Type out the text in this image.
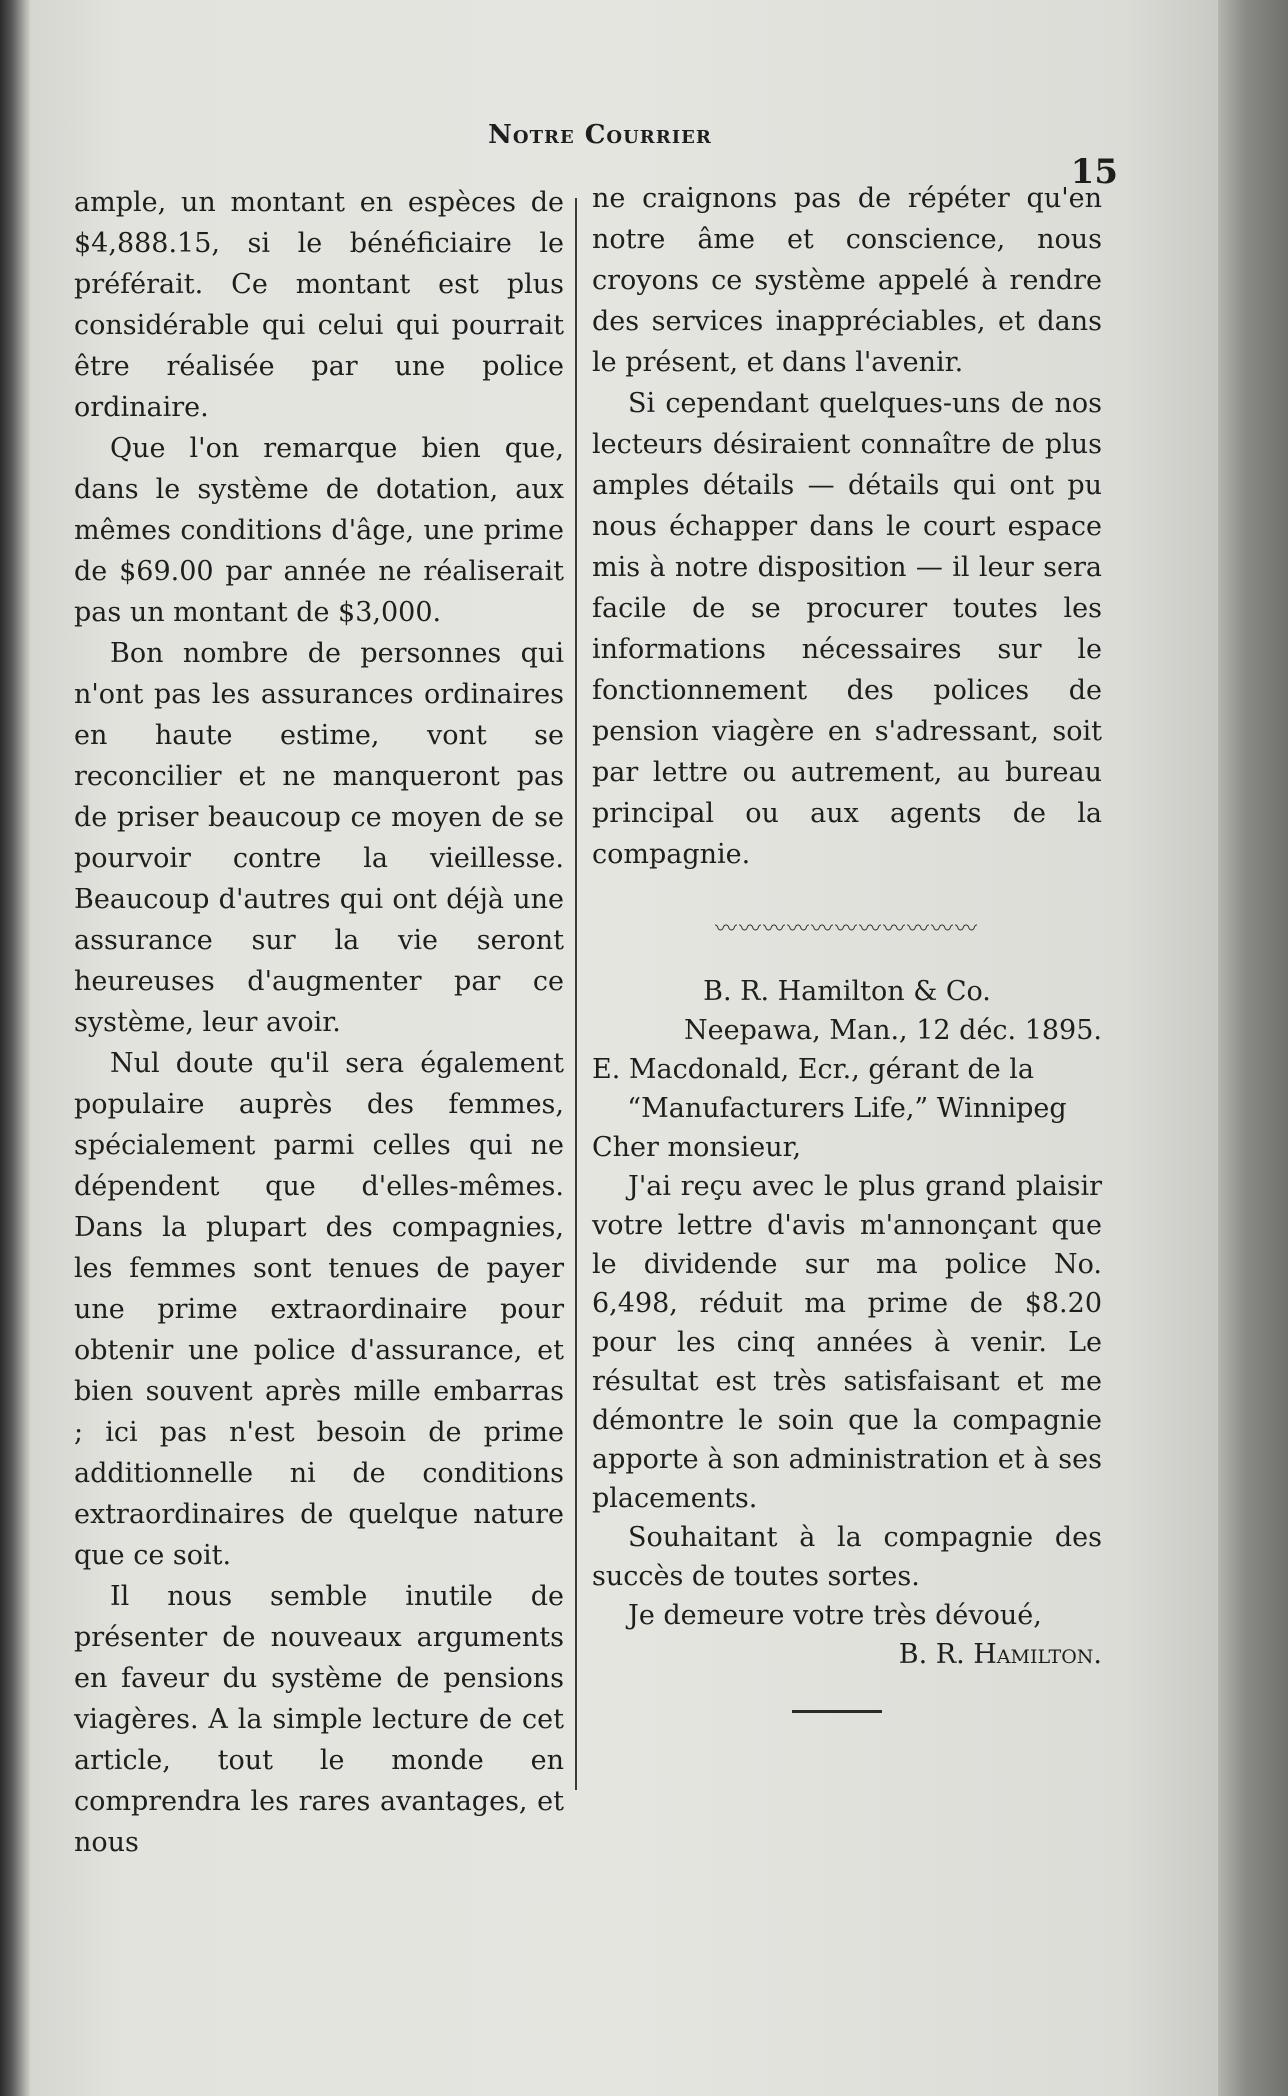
Notre Courrier
15

ample, un montant en espèces de $4,888.15, si le bénéficiaire le préférait. Ce montant est plus considérable qui celui qui pourrait être réalisée par une police ordinaire.

Que l'on remarque bien que, dans le système de dotation, aux mêmes conditions d'âge, une prime de $69.00 par année ne réaliserait pas un montant de $3,000.

Bon nombre de personnes qui n'ont pas les assurances ordinaires en haute estime, vont se reconcilier et ne manqueront pas de priser beaucoup ce moyen de se pourvoir contre la vieillesse. Beaucoup d'autres qui ont déjà une assurance sur la vie seront heureuses d'augmenter par ce système, leur avoir.

Nul doute qu'il sera également populaire auprès des femmes, spécialement parmi celles qui ne dépendent que d'elles-mêmes. Dans la plupart des compagnies, les femmes sont tenues de payer une prime extraordinaire pour obtenir une police d'assurance, et bien souvent après mille embarras ; ici pas n'est besoin de prime additionnelle ni de conditions extraordinaires de quelque nature que ce soit.

Il nous semble inutile de présenter de nouveaux arguments en faveur du système de pensions viagères. A la simple lecture de cet article, tout le monde en comprendra les rares avantages, et nous

ne craignons pas de répéter qu'en notre âme et conscience, nous croyons ce système appelé à rendre des services inappréciables, et dans le présent, et dans l'avenir.

Si cependant quelques-uns de nos lecteurs désiraient connaître de plus amples détails — détails qui ont pu nous échapper dans le court espace mis à notre disposition — il leur sera facile de se procurer toutes les informations nécessaires sur le fonctionnement des polices de pension viagère en s'adressant, soit par lettre ou autrement, au bureau principal ou aux agents de la compagnie.

〰〰〰〰〰〰〰〰〰〰〰

B. R. Hamilton & Co.

Neepawa, Man., 12 déc. 1895.

E. Macdonald, Ecr., gérant de la

“Manufacturers Life,” Winnipeg

Cher monsieur,

J'ai reçu avec le plus grand plaisir votre lettre d'avis m'annonçant que le dividende sur ma police No. 6,498, réduit ma prime de $8.20 pour les cinq années à venir. Le résultat est très satisfaisant et me démontre le soin que la compagnie apporte à son administration et à ses placements.

Souhaitant à la compagnie des succès de toutes sortes.

Je demeure votre très dévoué,

B. R. Hamilton.
